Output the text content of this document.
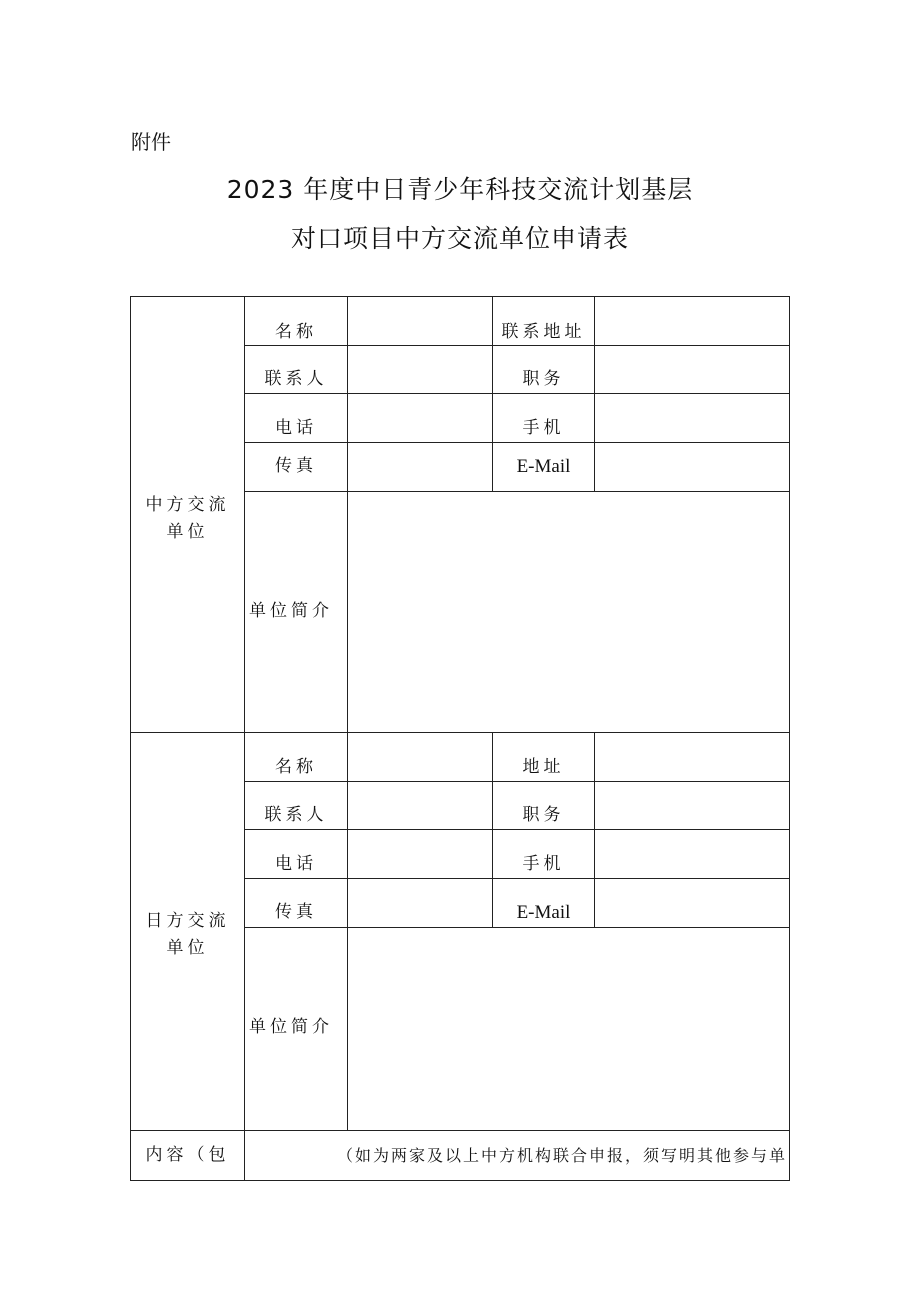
附件
2023 年度中日青少年科技交流计划基层
对口项目中方交流单位申请表
中方交流单位
名称	联系地址
联系人	职务
电话	手机
传真	E-Mail
单位简介
日方交流单位
名称	地址
联系人	职务
电话	手机
传真	E-Mail
单位简介
内容（包	（如为两家及以上中方机构联合申报，须写明其他参与单
